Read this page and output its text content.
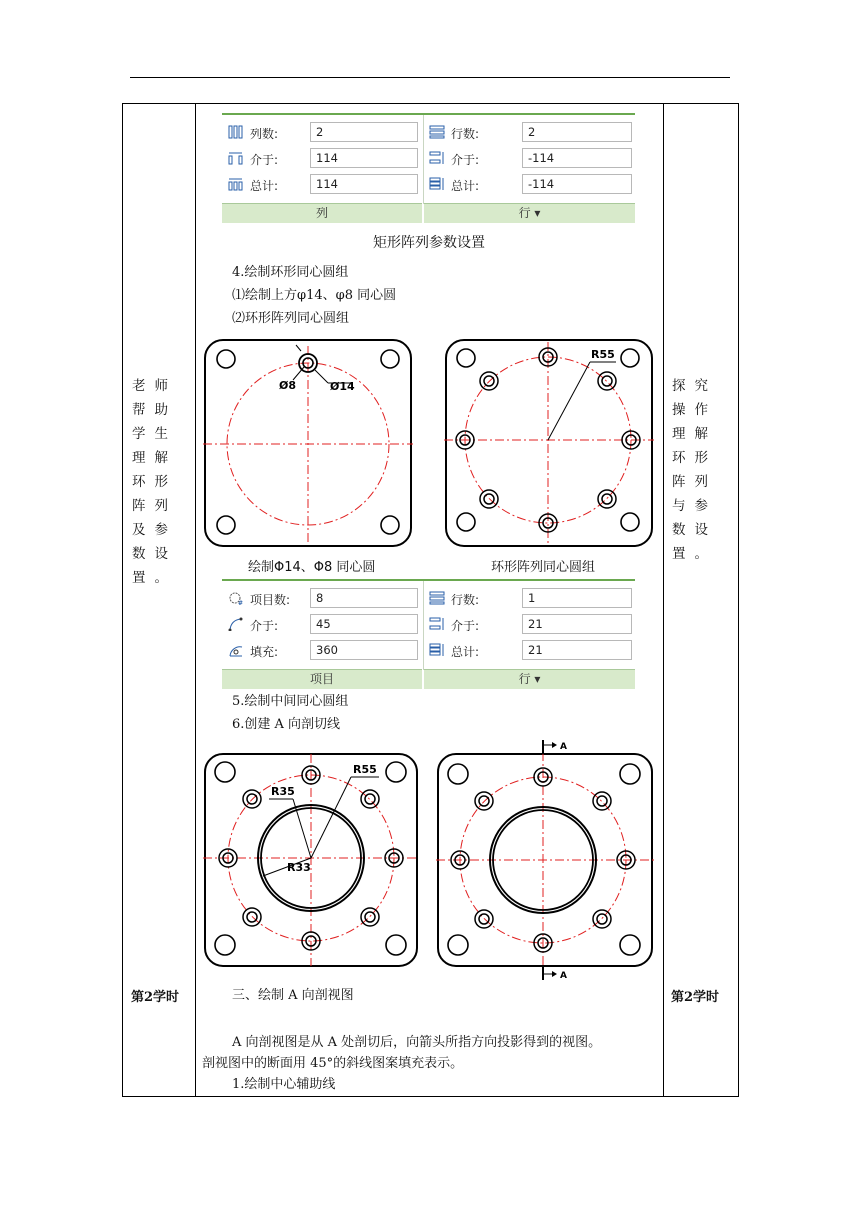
老师帮助学生理解环形阵列及参数设置。
第2学时
探究操作理解环形阵列与参数设置。
第2学时
列数:	2
介于:	114
总计:	114
行数:	2
介于:	-114
总计:	-114
列	行 ▾
矩形阵列参数设置
4.绘制环形同心圆组
⑴绘制上方φ14、φ8 同心圆
⑵环形阵列同心圆组
Ø8	Ø14
绘制Φ14、Φ8 同心圆
R55
环形阵列同心圆组
# 项目数:	8
介于:	45
填充:	360
行数:	1
介于:	21
总计:	21
项目	行 ▾
5.绘制中间同心圆组
6.创建 A 向剖切线
R55
R35
R33
A
A
三、绘制 A 向剖视图
A 向剖视图是从 A 处剖切后，向箭头所指方向投影得到的视图。
剖视图中的断面用 45°的斜线图案填充表示。
1.绘制中心辅助线
